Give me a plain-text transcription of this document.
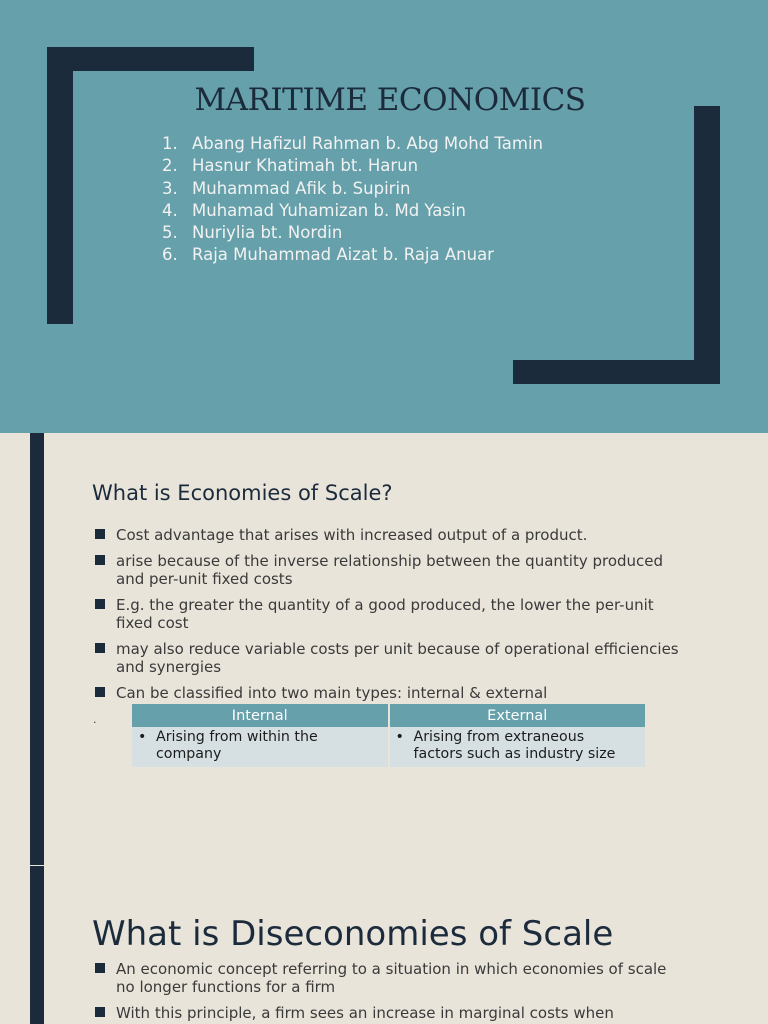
MARITIME ECONOMICS
1. Abang Hafizul Rahman b. Abg Mohd Tamin
2. Hasnur Khatimah bt. Harun
3. Muhammad Afik b. Supirin
4. Muhamad Yuhamizan b. Md Yasin
5. Nuriylia bt. Nordin
6. Raja Muhammad Aizat b. Raja Anuar
What is Economies of Scale?
Cost advantage that arises with increased output of a product.
arise because of the inverse relationship between the quantity produced and per-unit fixed costs
E.g. the greater the quantity of a good produced, the lower the per-unit fixed cost
may also reduce variable costs per unit because of operational efficiencies and synergies
Can be classified into two main types: internal & external
.	Internal	External

• Arising from within the company	• Arising from extraneous factors such as industry size
What is Diseconomies of Scale
An economic concept referring to a situation in which economies of scale no longer functions for a firm
With this principle, a firm sees an increase in marginal costs when
